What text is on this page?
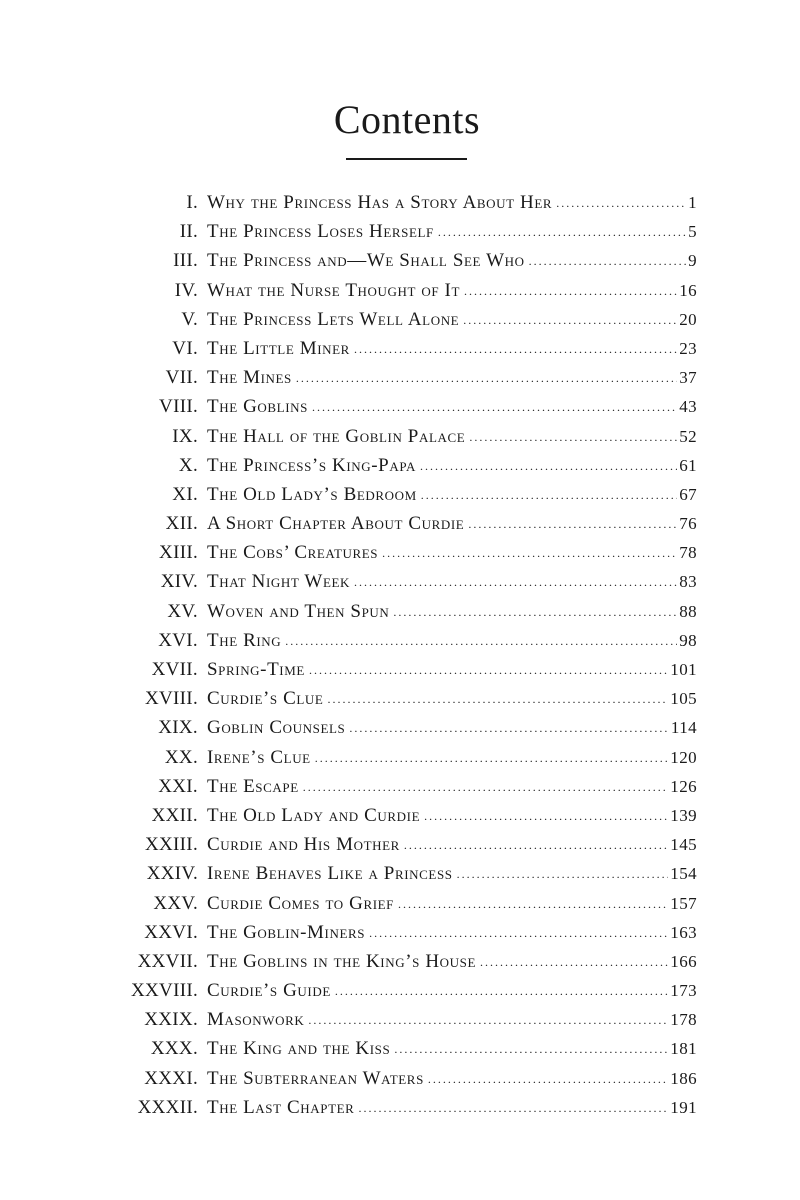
Contents
I. Why the Princess Has a Story About Her .....	1
II. The Princess Loses Herself .....	5
III. The Princess and—We Shall See Who .....	9
IV. What the Nurse Thought of It .....	16
V. The Princess Lets Well Alone .....	20
VI. The Little Miner .....	23
VII. The Mines .....	37
VIII. The Goblins .....	43
IX. The Hall of the Goblin Palace .....	52
X. The Princess’s King-Papa .....	61
XI. The Old Lady’s Bedroom .....	67
XII. A Short Chapter About Curdie .....	76
XIII. The Cobs’ Creatures .....	78
XIV. That Night Week .....	83
XV. Woven and Then Spun .....	88
XVI. The Ring .....	98
XVII. Spring-Time .....	101
XVIII. Curdie’s Clue .....	105
XIX. Goblin Counsels .....	114
XX. Irene’s Clue .....	120
XXI. The Escape .....	126
XXII. The Old Lady and Curdie .....	139
XXIII. Curdie and His Mother .....	145
XXIV. Irene Behaves Like a Princess .....	154
XXV. Curdie Comes to Grief .....	157
XXVI. The Goblin-Miners .....	163
XXVII. The Goblins in the King’s House .....	166
XXVIII. Curdie’s Guide .....	173
XXIX. Masonwork .....	178
XXX. The King and the Kiss .....	181
XXXI. The Subterranean Waters .....	186
XXXII. The Last Chapter .....	191
